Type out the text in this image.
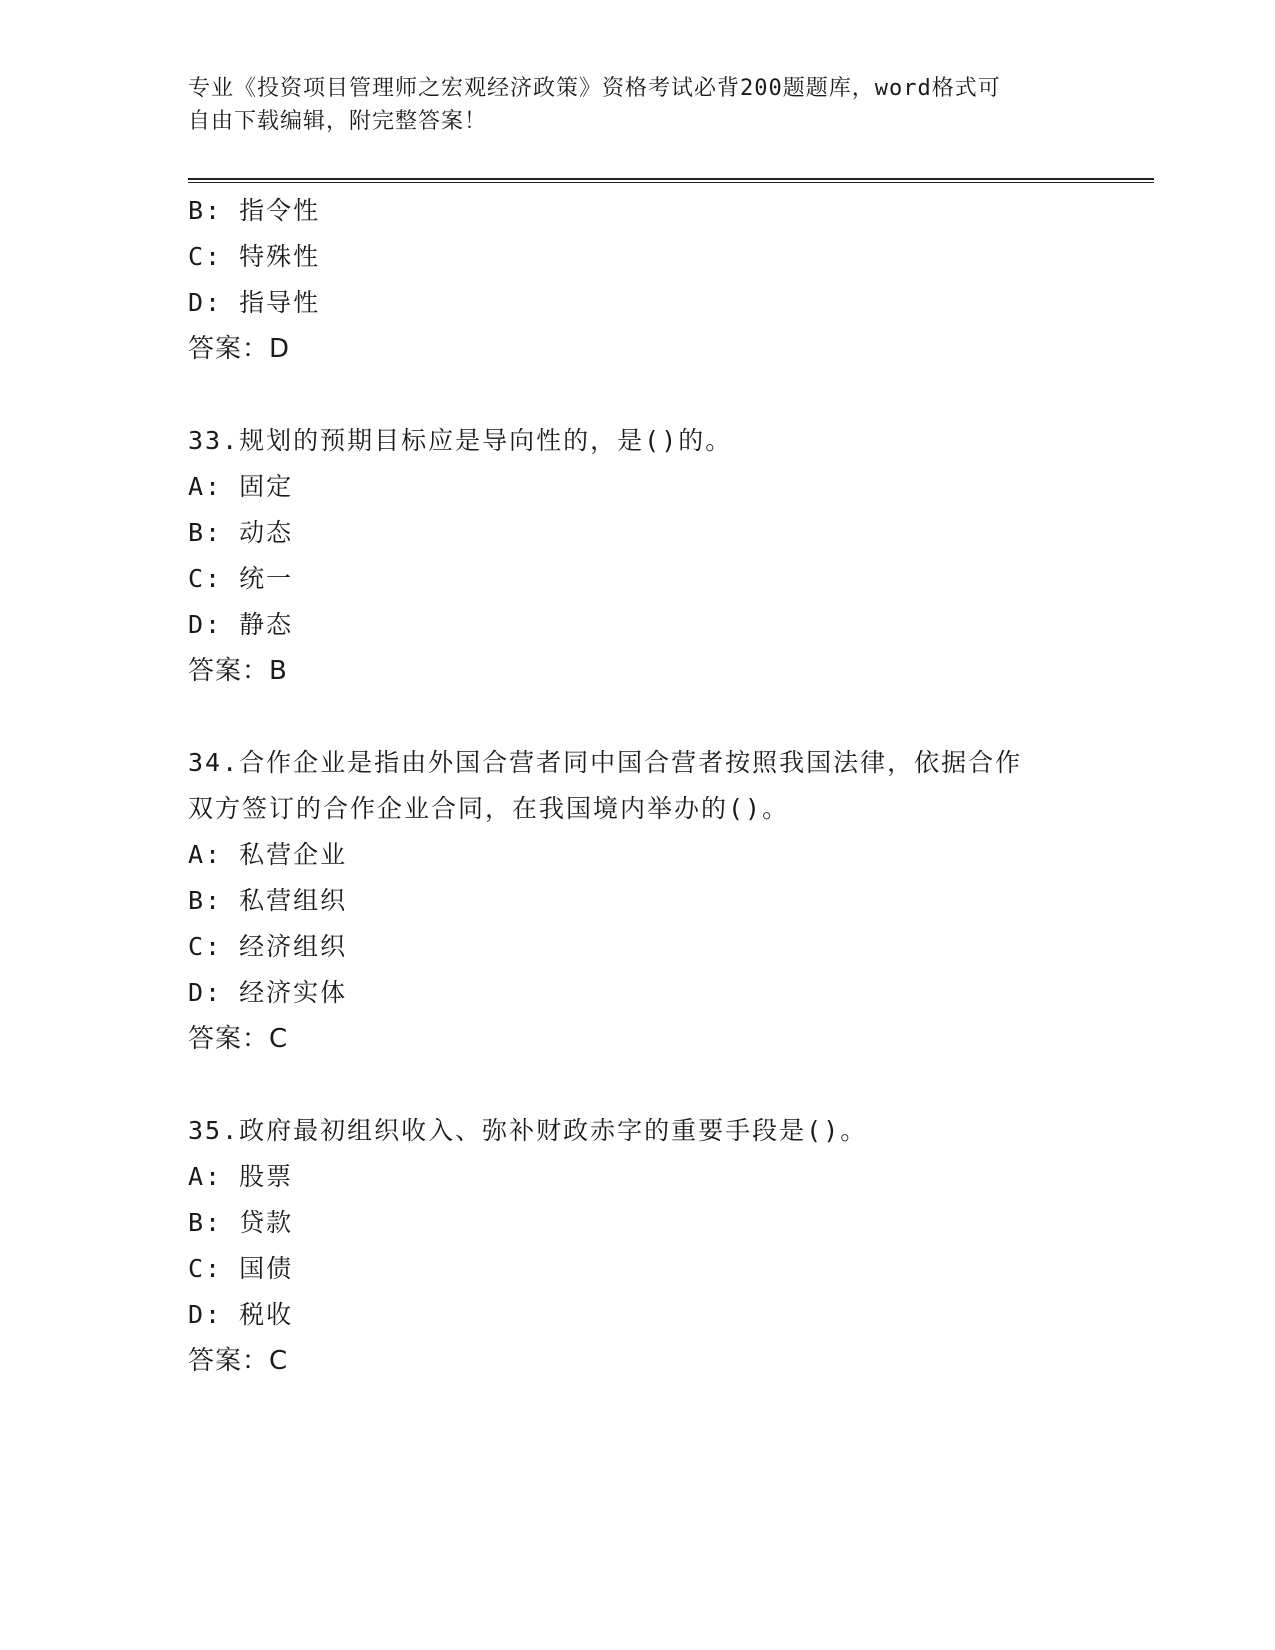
专业《投资项目管理师之宏观经济政策》资格考试必背200题题库，word格式可
自由下载编辑，附完整答案！
B: 指令性
C: 特殊性
D: 指导性
答案：D
33.规划的预期目标应是导向性的，是()的。
A: 固定
B: 动态
C: 统一
D: 静态
答案：B
34.合作企业是指由外国合营者同中国合营者按照我国法律，依据合作
双方签订的合作企业合同，在我国境内举办的()。
A: 私营企业
B: 私营组织
C: 经济组织
D: 经济实体
答案：C
35.政府最初组织收入、弥补财政赤字的重要手段是()。
A: 股票
B: 贷款
C: 国债
D: 税收
答案：C
